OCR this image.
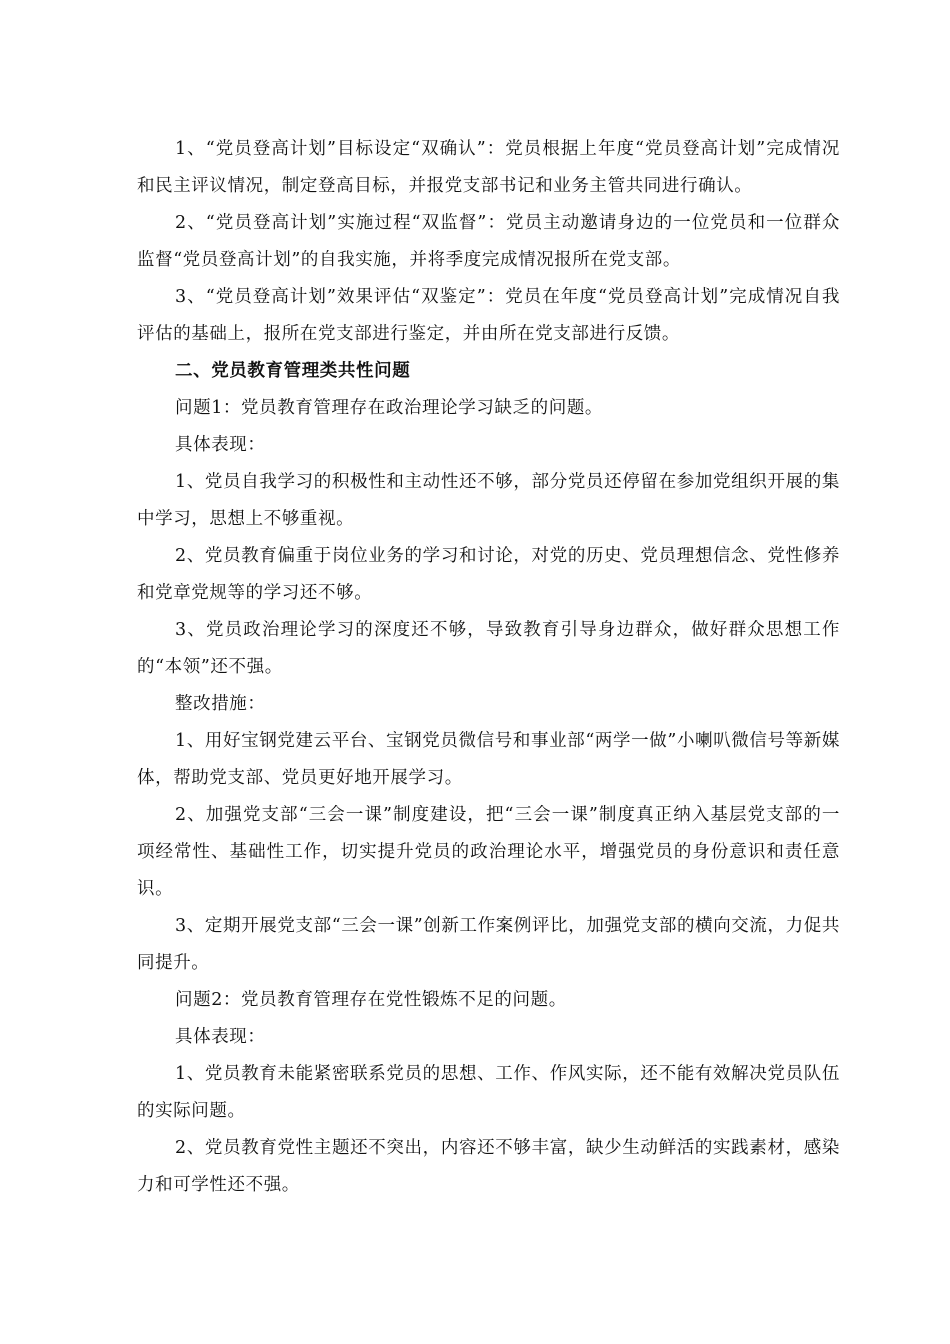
1、“党员登高计划”目标设定“双确认”：党员根据上年度“党员登高计划”完成情况和民主评议情况，制定登高目标，并报党支部书记和业务主管共同进行确认。

2、“党员登高计划”实施过程“双监督”：党员主动邀请身边的一位党员和一位群众监督“党员登高计划”的自我实施，并将季度完成情况报所在党支部。

3、“党员登高计划”效果评估“双鉴定”：党员在年度“党员登高计划”完成情况自我评估的基础上，报所在党支部进行鉴定，并由所在党支部进行反馈。

二、党员教育管理类共性问题

问题1：党员教育管理存在政治理论学习缺乏的问题。

具体表现：

1、党员自我学习的积极性和主动性还不够，部分党员还停留在参加党组织开展的集中学习，思想上不够重视。

2、党员教育偏重于岗位业务的学习和讨论，对党的历史、党员理想信念、党性修养和党章党规等的学习还不够。

3、党员政治理论学习的深度还不够，导致教育引导身边群众，做好群众思想工作的“本领”还不强。

整改措施：

1、用好宝钢党建云平台、宝钢党员微信号和事业部“两学一做”小喇叭微信号等新媒体，帮助党支部、党员更好地开展学习。

2、加强党支部“三会一课”制度建设，把“三会一课”制度真正纳入基层党支部的一项经常性、基础性工作，切实提升党员的政治理论水平，增强党员的身份意识和责任意识。

3、定期开展党支部“三会一课”创新工作案例评比，加强党支部的横向交流，力促共同提升。

问题2：党员教育管理存在党性锻炼不足的问题。

具体表现：

1、党员教育未能紧密联系党员的思想、工作、作风实际，还不能有效解决党员队伍的实际问题。

2、党员教育党性主题还不突出，内容还不够丰富，缺少生动鲜活的实践素材，感染力和可学性还不强。
